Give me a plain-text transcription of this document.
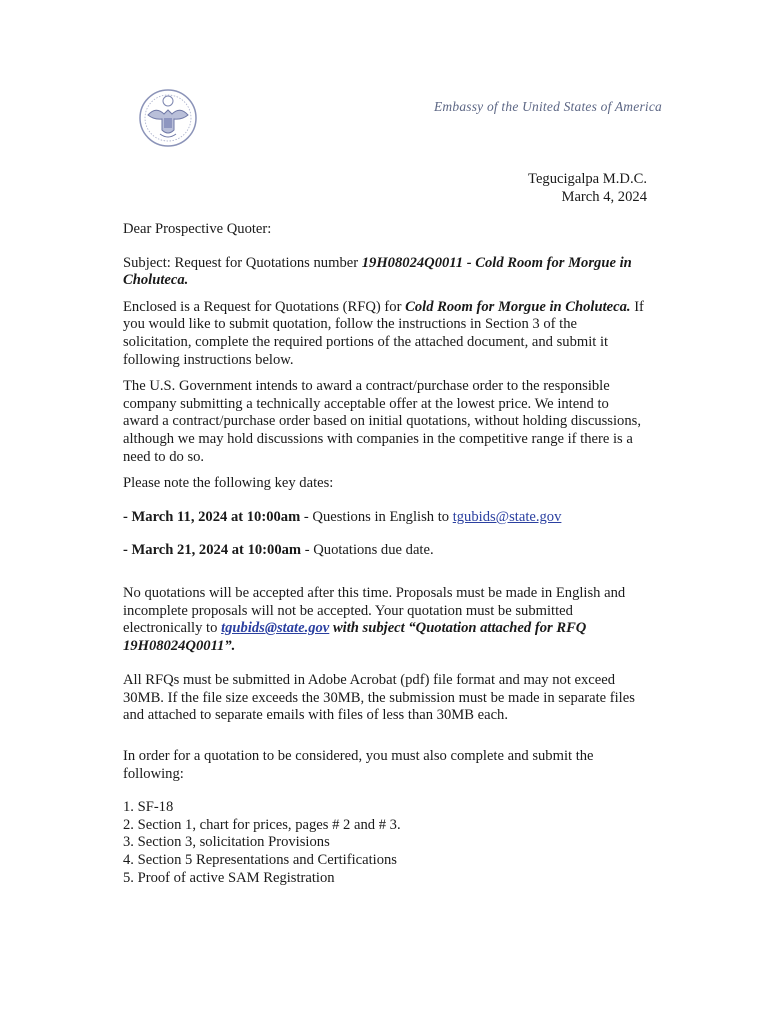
Embassy of the United States of America
Tegucigalpa M.D.C.
March 4, 2024

Dear Prospective Quoter:

Subject: Request for Quotations number 19H08024Q0011 - Cold Room for Morgue in Choluteca.

Enclosed is a Request for Quotations (RFQ) for Cold Room for Morgue in Choluteca. If you would like to submit quotation, follow the instructions in Section 3 of the solicitation, complete the required portions of the attached document, and submit it following instructions below.

The U.S. Government intends to award a contract/purchase order to the responsible company submitting a technically acceptable offer at the lowest price. We intend to award a contract/purchase order based on initial quotations, without holding discussions, although we may hold discussions with companies in the competitive range if there is a need to do so.

Please note the following key dates:

- March 11, 2024 at 10:00am - Questions in English to tgubids@state.gov

- March 21, 2024 at 10:00am - Quotations due date.

No quotations will be accepted after this time. Proposals must be made in English and incomplete proposals will not be accepted. Your quotation must be submitted electronically to tgubids@state.gov with subject “Quotation attached for RFQ 19H08024Q0011”.

All RFQs must be submitted in Adobe Acrobat (pdf) file format and may not exceed 30MB. If the file size exceeds the 30MB, the submission must be made in separate files and attached to separate emails with files of less than 30MB each.

In order for a quotation to be considered, you must also complete and submit the following:

1. SF-18
2. Section 1, chart for prices, pages # 2 and # 3.
3. Section 3, solicitation Provisions
4. Section 5 Representations and Certifications
5. Proof of active SAM Registration
